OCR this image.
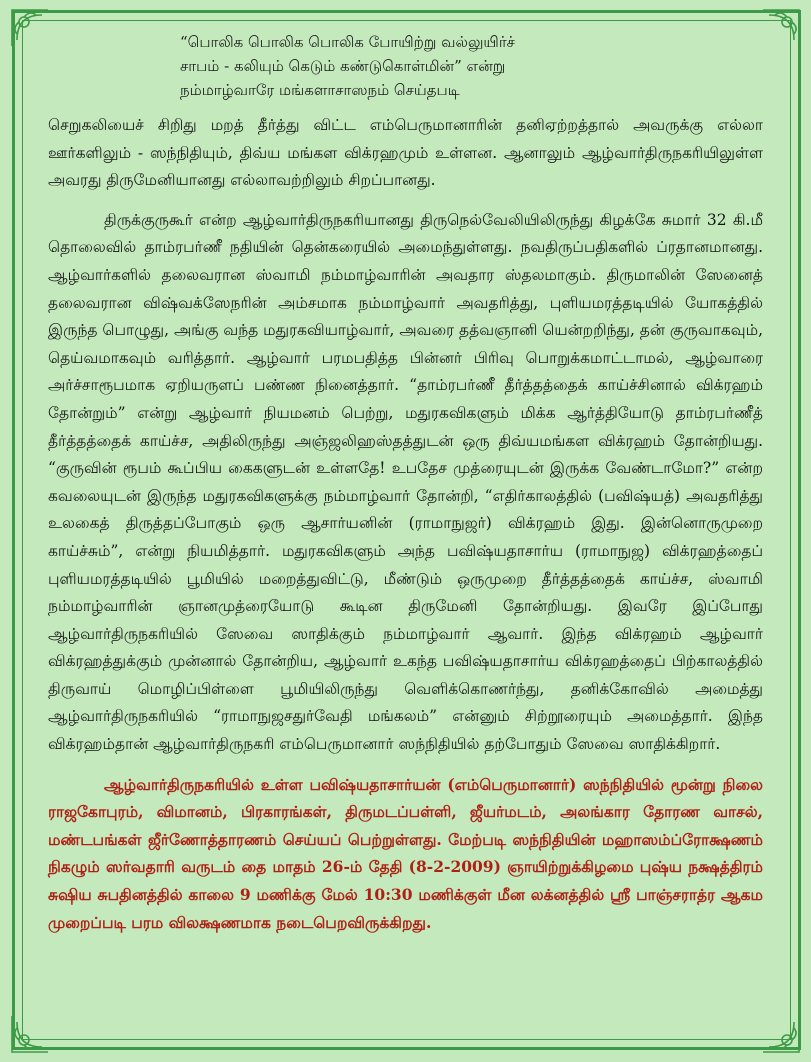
“பொலிக பொலிக பொலிக போயிற்று வல்லுயிர்ச்
சாபம் - கலியும் கெடும் கண்டுகொள்மின்” என்று
நம்மாழ்வாரே மங்களாசாஸநம் செய்தபடி

செறுகலியைச் சிறிது மறத் தீர்த்து விட்ட எம்பெருமானாரின் தனிஏற்றத்தால் அவருக்கு எல்லா ஊர்களிலும் - ஸந்நிதியும், திவ்ய மங்கள விக்ரஹமும் உள்ளன. ஆனாலும் ஆழ்வார்திருநகரியிலுள்ள அவரது திருமேனியானது எல்லாவற்றிலும் சிறப்பானது.

திருக்குருகூர் என்ற ஆழ்வார்திருநகரியானது திருநெல்வேலியிலிருந்து கிழக்கே சுமார் 32 கி.மீ தொலைவில் தாம்ரபர்ணீ நதியின் தென்கரையில் அமைந்துள்ளது. நவதிருப்பதிகளில் ப்ரதானமானது. ஆழ்வார்களில் தலைவரான ஸ்வாமி நம்மாழ்வாரின் அவதார ஸ்தலமாகும். திருமாலின் ஸேனைத் தலைவரான விஷ்வக்ஸேநரின் அம்சமாக நம்மாழ்வார் அவதரித்து, புளியமரத்தடியில் யோகத்தில் இருந்த பொழுது, அங்கு வந்த மதுரகவியாழ்வார், அவரை தத்வஞானி யென்றறிந்து, தன் குருவாகவும், தெய்வமாகவும் வரித்தார். ஆழ்வார் பரமபதித்த பின்னர் பிரிவு பொறுக்கமாட்டாமல், ஆழ்வாரை அர்ச்சாரூபமாக ஏறியருளப் பண்ண நினைத்தார். “தாம்ரபர்ணீ தீர்த்தத்தைக் காய்ச்சினால் விக்ரஹம் தோன்றும்” என்று ஆழ்வார் நியமனம் பெற்று, மதுரகவிகளும் மிக்க ஆர்த்தியோடு தாம்ரபர்ணீத் தீர்த்தத்தைக் காய்ச்ச, அதிலிருந்து அஞ்ஜலிஹஸ்தத்துடன் ஒரு திவ்யமங்கள விக்ரஹம் தோன்றியது. “குருவின் ரூபம் கூப்பிய கைகளுடன் உள்ளதே! உபதேச முத்ரையுடன் இருக்க வேண்டாமோ?” என்ற கவலையுடன் இருந்த மதுரகவிகளுக்கு நம்மாழ்வார் தோன்றி, “எதிர்காலத்தில் (பவிஷ்யத்) அவதரித்து உலகைத் திருத்தப்போகும் ஒரு ஆசார்யனின் (ராமாநுஜர்) விக்ரஹம் இது. இன்னொருமுறை காய்ச்சும்”, என்று நியமித்தார். மதுரகவிகளும் அந்த பவிஷ்யதாசார்ய (ராமாநுஜ) விக்ரஹத்தைப் புளியமரத்தடியில் பூமியில் மறைத்துவிட்டு, மீண்டும் ஒருமுறை தீர்த்தத்தைக் காய்ச்ச, ஸ்வாமி நம்மாழ்வாரின் ஞானமுத்ரையோடு கூடின திருமேனி தோன்றியது. இவரே இப்போது ஆழ்வார்திருநகரியில் ஸேவை ஸாதிக்கும் நம்மாழ்வார் ஆவார். இந்த விக்ரஹம் ஆழ்வார் விக்ரஹத்துக்கும் முன்னால் தோன்றிய, ஆழ்வார் உகந்த பவிஷ்யதாசார்ய விக்ரஹத்தைப் பிற்காலத்தில் திருவாய் மொழிப்பிள்ளை பூமியிலிருந்து வெளிக்கொணர்ந்து, தனிக்கோவில் அமைத்து ஆழ்வார்திருநகரியில் “ராமாநுஜசதுர்வேதி மங்கலம்” என்னும் சிற்றூரையும் அமைத்தார். இந்த விக்ரஹம்தான் ஆழ்வார்திருநகரி எம்பெருமானார் ஸந்நிதியில் தற்போதும் ஸேவை ஸாதிக்கிறார்.

ஆழ்வார்திருநகரியில் உள்ள பவிஷ்யதாசார்யன் (எம்பெருமானார்) ஸந்நிதியில் மூன்று நிலை ராஜகோபுரம், விமானம், பிரகாரங்கள், திருமடப்பள்ளி, ஜீயர்மடம், அலங்கார தோரண வாசல், மண்டபங்கள் ஜீர்ணோத்தாரணம் செய்யப் பெற்றுள்ளது. மேற்படி ஸந்நிதியின் மஹாஸம்ப்ரோக்ஷணம் நிகழும் ஸர்வதாரி வருடம் தை மாதம் 26-ம் தேதி (8-2-2009) ஞாயிற்றுக்கிழமை புஷ்ய நக்ஷத்திரம் சுஷிய சுபதினத்தில் காலை 9 மணிக்கு மேல் 10:30 மணிக்குள் மீன லக்னத்தில் ஸ்ரீ பாஞ்சராத்ர ஆகம முறைப்படி பரம விலக்ஷணமாக நடைபெறவிருக்கிறது.
